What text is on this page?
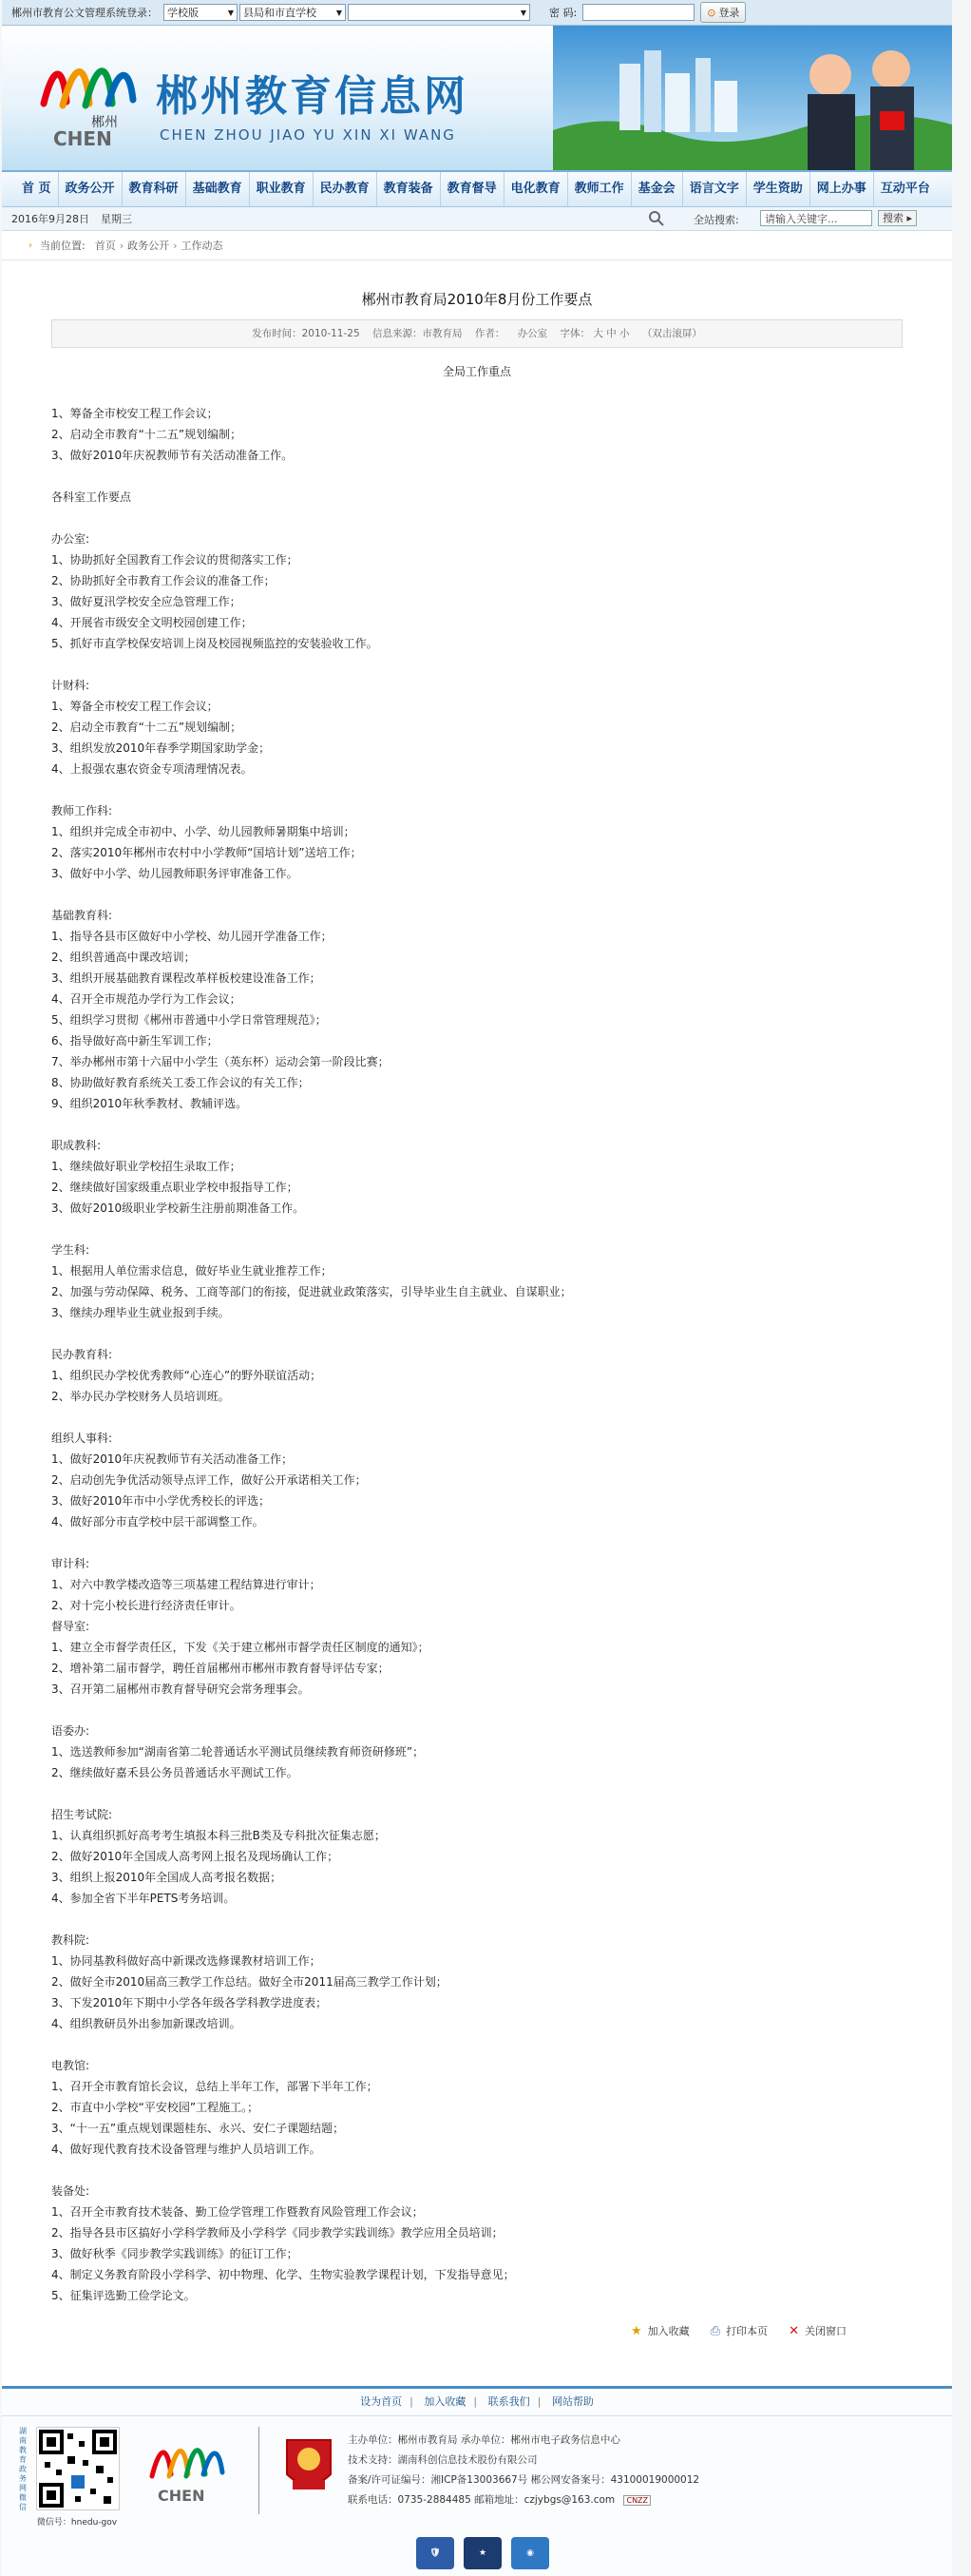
郴州市教育公文管理系统登录： 学校版	▼ 县局和市直学校	▼	▼ 密 码:	⊙ 登录
郴州
CHEN
郴州教育信息网
CHEN ZHOU JIAO YU XIN XI WANG
首 页	政务公开	教育科研	基础教育	职业教育	民办教育	教育装备	教育督导	电化教育	教师工作	基金会	语言文字	学生资助	网上办事	互动平台
2016年9月28日 星期三	全站搜索:	请输入关键字...	搜索 ▸
› 当前位置: 首页 › 政务公开 › 工作动态
郴州市教育局2010年8月份工作要点
发布时间：2010-11-25 信息来源：市教育局 作者： 办公室 字体： 大 中 小 （双击滚屏）
全局工作重点
1、筹备全市校安工程工作会议；
2、启动全市教育“十二五”规划编制；
3、做好2010年庆祝教师节有关活动准备工作。
各科室工作要点
办公室:
1、协助抓好全国教育工作会议的贯彻落实工作；
2、协助抓好全市教育工作会议的准备工作；
3、做好夏汛学校安全应急管理工作；
4、开展省市级安全文明校园创建工作；
5、抓好市直学校保安培训上岗及校园视频监控的安装验收工作。
计财科:
1、筹备全市校安工程工作会议；
2、启动全市教育“十二五”规划编制；
3、组织发放2010年春季学期国家助学金；
4、上报强农惠农资金专项清理情况表。
教师工作科:
1、组织并完成全市初中、小学、幼儿园教师暑期集中培训；
2、落实2010年郴州市农村中小学教师“国培计划”送培工作；
3、做好中小学、幼儿园教师职务评审准备工作。
基础教育科:
1、指导各县市区做好中小学校、幼儿园开学准备工作；
2、组织普通高中课改培训；
3、组织开展基础教育课程改革样板校建设准备工作；
4、召开全市规范办学行为工作会议；
5、组织学习贯彻《郴州市普通中小学日常管理规范》；
6、指导做好高中新生军训工作；
7、举办郴州市第十六届中小学生（英东杯）运动会第一阶段比赛；
8、协助做好教育系统关工委工作会议的有关工作；
9、组织2010年秋季教材、教辅评选。
职成教科:
1、继续做好职业学校招生录取工作；
2、继续做好国家级重点职业学校申报指导工作；
3、做好2010级职业学校新生注册前期准备工作。
学生科:
1、根据用人单位需求信息，做好毕业生就业推荐工作；
2、加强与劳动保障、税务、工商等部门的衔接，促进就业政策落实，引导毕业生自主就业、自谋职业；
3、继续办理毕业生就业报到手续。
民办教育科:
1、组织民办学校优秀教师“心连心”的野外联谊活动；
2、举办民办学校财务人员培训班。
组织人事科:
1、做好2010年庆祝教师节有关活动准备工作；
2、启动创先争优活动领导点评工作，做好公开承诺相关工作；
3、做好2010年市中小学优秀校长的评选；
4、做好部分市直学校中层干部调整工作。
审计科:
1、对六中教学楼改造等三项基建工程结算进行审计；
2、对十完小校长进行经济责任审计。
督导室:
1、建立全市督学责任区，下发《关于建立郴州市督学责任区制度的通知》；
2、增补第二届市督学，聘任首届郴州市郴州市教育督导评估专家；
3、召开第二届郴州市教育督导研究会常务理事会。
语委办:
1、选送教师参加“湖南省第二轮普通话水平测试员继续教育师资研修班”；
2、继续做好嘉禾县公务员普通话水平测试工作。
招生考试院:
1、认真组织抓好高考考生填报本科三批B类及专科批次征集志愿；
2、做好2010年全国成人高考网上报名及现场确认工作；
3、组织上报2010年全国成人高考报名数据；
4、参加全省下半年PETS考务培训。
教科院:
1、协同基教科做好高中新课改选修课教材培训工作；
2、做好全市2010届高三教学工作总结。做好全市2011届高三教学工作计划；
3、下发2010年下期中小学各年级各学科教学进度表；
4、组织教研员外出参加新课改培训。
电教馆:
1、召开全市教育馆长会议，总结上半年工作，部署下半年工作；
2、市直中小学校“平安校园”工程施工。；
3、“十一五”重点规划课题桂东、永兴、安仁子课题结题；
4、做好现代教育技术设备管理与维护人员培训工作。
装备处:
1、召开全市教育技术装备、勤工俭学管理工作暨教育风险管理工作会议；
2、指导各县市区搞好小学科学教师及小学科学《同步教学实践训练》教学应用全员培训；
3、做好秋季《同步教学实践训练》的征订工作；
4、制定义务教育阶段小学科学、初中物理、化学、生物实验教学课程计划，下发指导意见；
5、征集评选勤工俭学论文。
★ 加入收藏 ⎙ 打印本页 ✕ 关闭窗口
设为首页 | 加入收藏 | 联系我们 | 网站帮助
湖南教育政务网微信
微信号：hnedu-gov
CHEN
主办单位：郴州市教育局 承办单位：郴州市电子政务信息中心
技术支持：湖南科创信息技术股份有限公司
备案/许可证编号：湘ICP备13003667号 郴公网安备案号：43100019000012
联系电话：0735-2884485 邮箱地址：czjybgs@163.com CNZZ
🛡	★	◉
